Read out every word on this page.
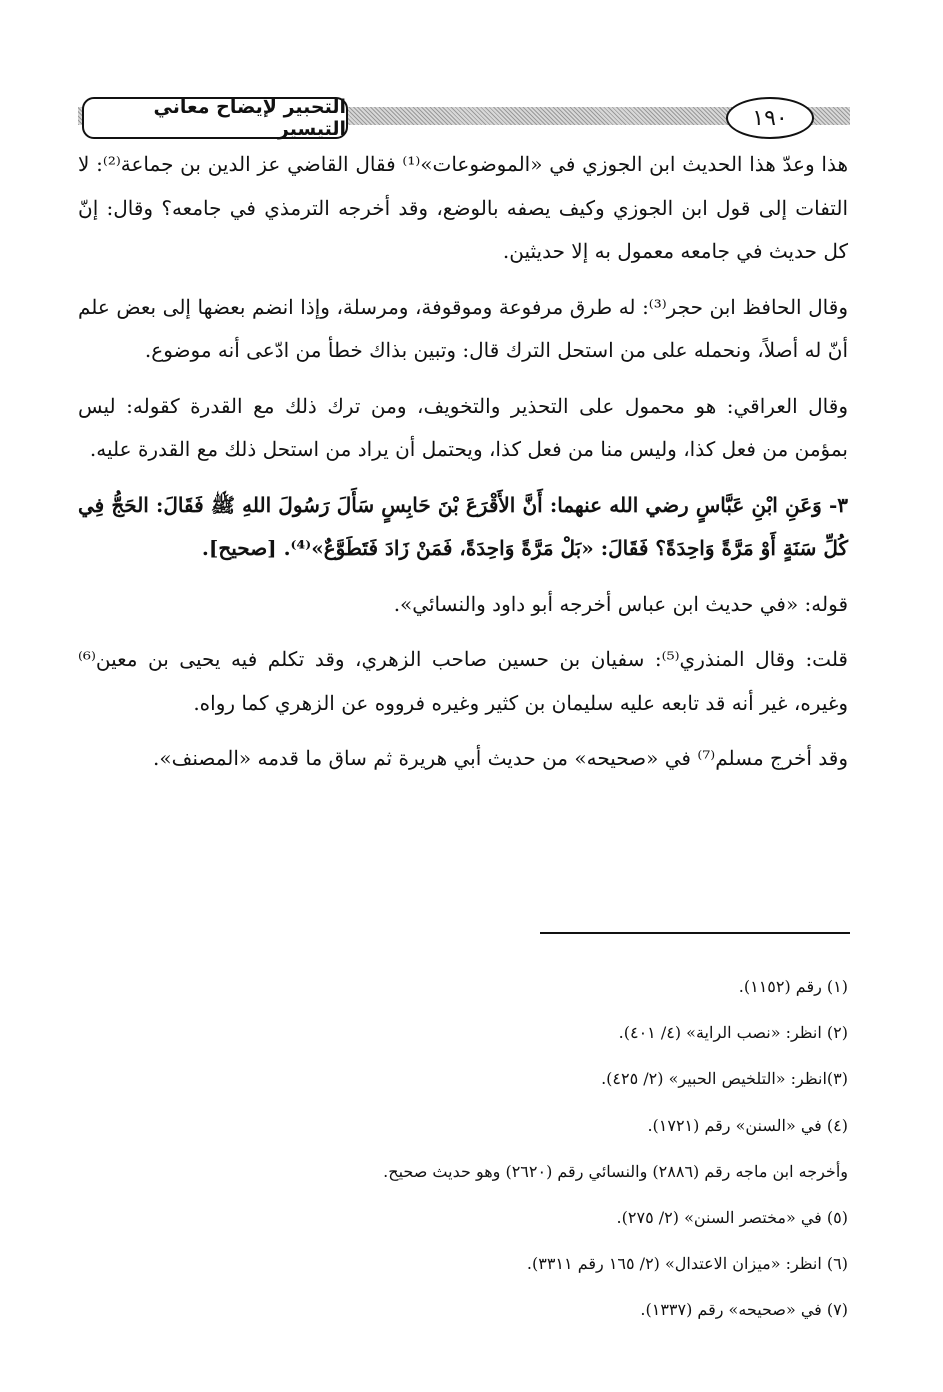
التحبير لإيضاح معاني التيسير	١٩٠

هذا وعدّ هذا الحديث ابن الجوزي في «الموضوعات»⁽¹⁾ فقال القاضي عز الدين بن جماعة⁽²⁾: لا التفات إلى قول ابن الجوزي وكيف يصفه بالوضع، وقد أخرجه الترمذي في جامعه؟ وقال: إنّ كل حديث في جامعه معمول به إلا حديثين.

وقال الحافظ ابن حجر⁽³⁾: له طرق مرفوعة وموقوفة، ومرسلة، وإذا انضم بعضها إلى بعض علم أنّ له أصلاً، ونحمله على من استحل الترك قال: وتبين بذاك خطأ من ادّعى أنه موضوع.

وقال العراقي: هو محمول على التحذير والتخويف، ومن ترك ذلك مع القدرة كقوله: ليس بمؤمن من فعل كذا، وليس منا من فعل كذا، ويحتمل أن يراد من استحل ذلك مع القدرة عليه.

٣- وَعَنِ ابْنِ عَبَّاسٍ رضي الله عنهما: أَنَّ الأَقْرَعَ بْنَ حَابِسٍ سَأَلَ رَسُولَ اللهِ ﷺ فَقَالَ: الحَجُّ فِي كُلِّ سَنَةٍ أَوْ مَرَّةً وَاحِدَةً؟ فَقَالَ: «بَلْ مَرَّةً وَاحِدَةً، فَمَنْ زَادَ فَتَطَوَّعٌ»⁽⁴⁾. [صحيح].

قوله: «في حديث ابن عباس أخرجه أبو داود والنسائي».

قلت: وقال المنذري⁽⁵⁾: سفيان بن حسين صاحب الزهري، وقد تكلم فيه يحيى بن معين⁽⁶⁾ وغيره، غير أنه قد تابعه عليه سليمان بن كثير وغيره فرووه عن الزهري كما رواه.

وقد أخرج مسلم⁽⁷⁾ في «صحيحه» من حديث أبي هريرة ثم ساق ما قدمه «المصنف».

(١) رقم (١١٥٢).

(٢) انظر: «نصب الراية» (٤/ ٤٠١).

(٣)انظر: «التلخيص الحبير» (٢/ ٤٢٥).

(٤) في «السنن» رقم (١٧٢١).

وأخرجه ابن ماجه رقم (٢٨٨٦) والنسائي رقم (٢٦٢٠) وهو حديث صحيح.

(٥) في «مختصر السنن» (٢/ ٢٧٥).

(٦) انظر: «ميزان الاعتدال» (٢/ ١٦٥ رقم ٣٣١١).

(٧) في «صحيحه» رقم (١٣٣٧).
